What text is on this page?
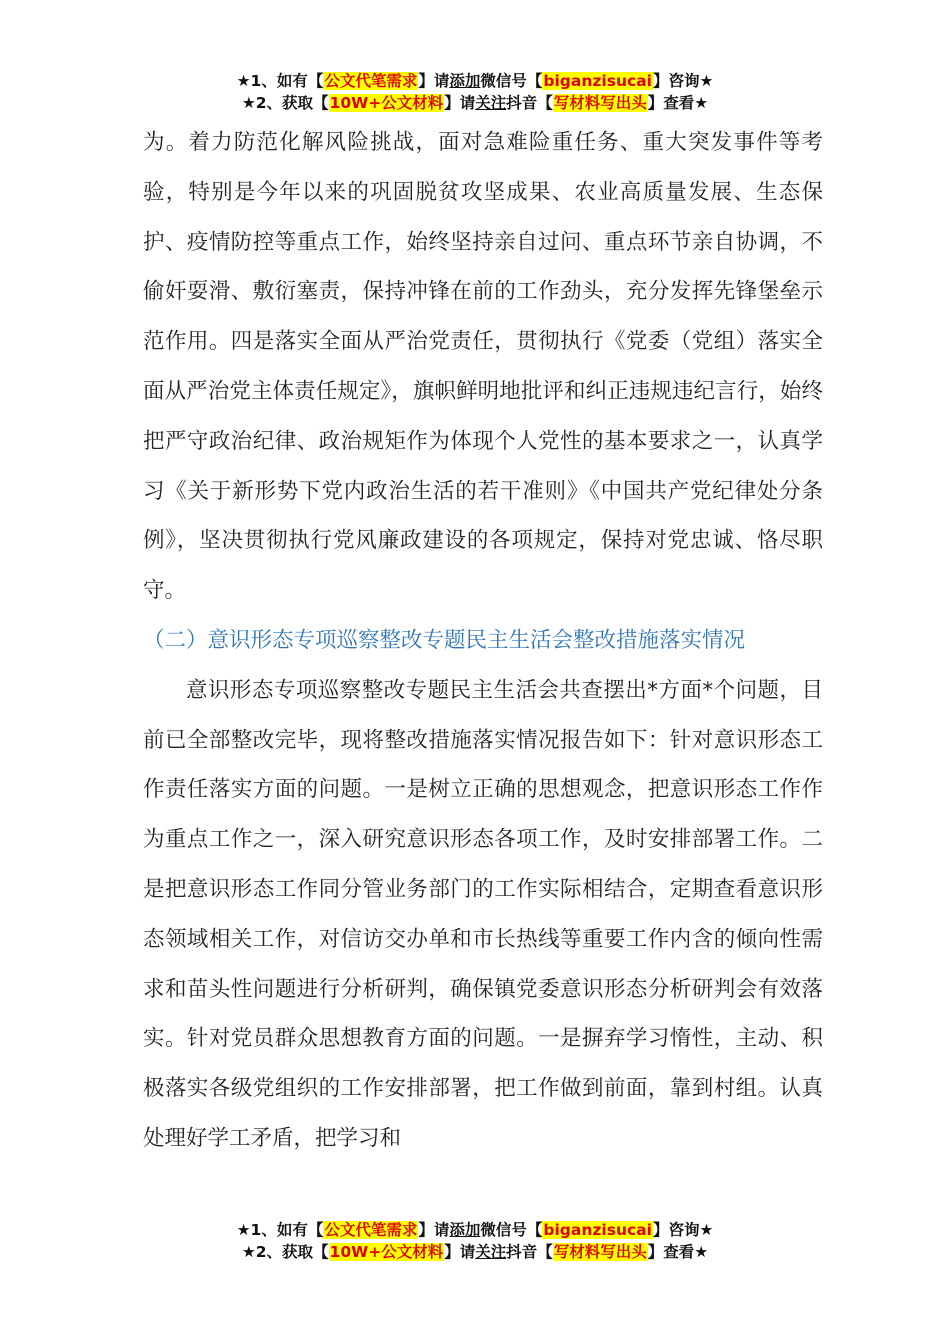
★1、如有【公文代笔需求】请添加微信号【biganzisucai】咨询★
★2、获取【10W+公文材料】请关注抖音【写材料写出头】查看★

为。着力防范化解风险挑战，面对急难险重任务、重大突发事件等考验，特别是今年以来的巩固脱贫攻坚成果、农业高质量发展、生态保护、疫情防控等重点工作，始终坚持亲自过问、重点环节亲自协调，不偷奸耍滑、敷衍塞责，保持冲锋在前的工作劲头，充分发挥先锋堡垒示范作用。四是落实全面从严治党责任，贯彻执行《党委（党组）落实全面从严治党主体责任规定》，旗帜鲜明地批评和纠正违规违纪言行，始终把严守政治纪律、政治规矩作为体现个人党性的基本要求之一，认真学习《关于新形势下党内政治生活的若干准则》《中国共产党纪律处分条例》，坚决贯彻执行党风廉政建设的各项规定，保持对党忠诚、恪尽职守。

（二）意识形态专项巡察整改专题民主生活会整改措施落实情况

意识形态专项巡察整改专题民主生活会共查摆出*方面*个问题，目前已全部整改完毕，现将整改措施落实情况报告如下：针对意识形态工作责任落实方面的问题。一是树立正确的思想观念，把意识形态工作作为重点工作之一，深入研究意识形态各项工作，及时安排部署工作。二是把意识形态工作同分管业务部门的工作实际相结合，定期查看意识形态领域相关工作，对信访交办单和市长热线等重要工作内含的倾向性需求和苗头性问题进行分析研判，确保镇党委意识形态分析研判会有效落实。针对党员群众思想教育方面的问题。一是摒弃学习惰性，主动、积极落实各级党组织的工作安排部署，把工作做到前面，靠到村组。认真处理好学工矛盾，把学习和

★1、如有【公文代笔需求】请添加微信号【biganzisucai】咨询★
★2、获取【10W+公文材料】请关注抖音【写材料写出头】查看★
